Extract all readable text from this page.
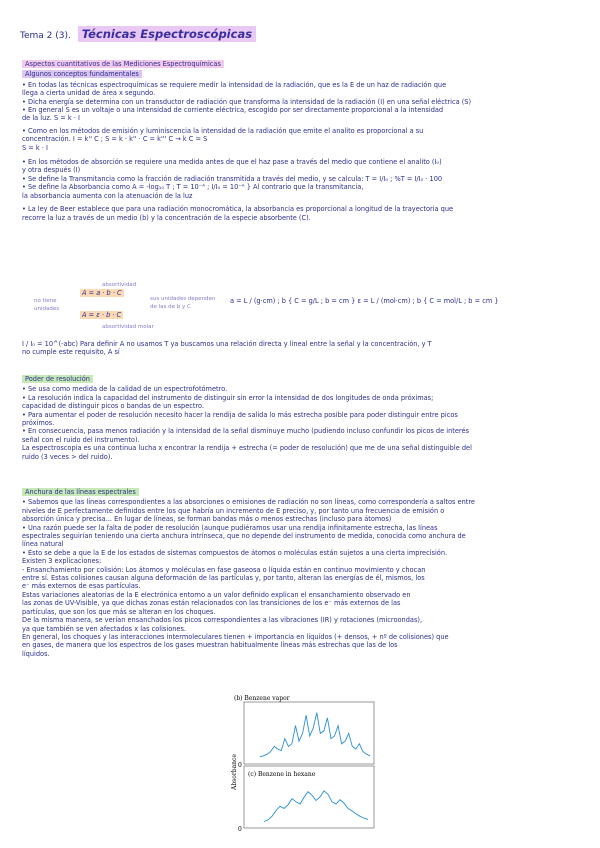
Tema 2 (3). Técnicas Espectroscópicas
Aspectos cuantitativos de las Mediciones Espectroquímicas
Algunos conceptos fundamentales
• En todas las técnicas espectroquímicas se requiere medir la intensidad de la radiación, que es la E de un haz de radiación que
llega a cierta unidad de área x segundo.
• Dicha energía se determina con un transductor de radiación que transforma la intensidad de la radiación (I) en una señal eléctrica (S)
• En general S es un voltaje o una intensidad de corriente eléctrica, escogido por ser directamente proporcional a la intensidad
de la luz. S = k · I
• Como en los métodos de emisión y luminiscencia la intensidad de la radiación que emite el analito es proporcional a su
concentración. I = k'' C ; S = k · k'' · C = k''' C → k C = S
S = k · I
• En los métodos de absorción se requiere una medida antes de que el haz pase a través del medio que contiene el analito (I₀)
y otra después (I)
• Se define la Transmitancia como la fracción de radiación transmitida a través del medio, y se calcula: T = I/I₀ ; %T = I/I₀ · 100
• Se define la Absorbancia como A = -log₁₀ T ; T = 10⁻ᴬ ; I/I₀ = 10⁻ᴬ } Al contrario que la transmitancia,
la absorbancia aumenta con la atenuación de la luz
• La ley de Beer establece que para una radiación monocromática, la absorbancia es proporcional a longitud de la trayectoria que
recorre la luz a través de un medio (b) y la concentración de la especie absorbente (C).
A = a · b · C
A = ε · b · C
absortividad
no tiene unidades
sus unidades dependen de las de b y C
absortividad molar
a = L / (g·cm) ; b { C = g/L ; b = cm } ε = L / (mol·cm) ; b { C = mol/L ; b = cm }
I / I₀ = 10^(-abc) Para definir A no usamos T ya buscamos una relación directa y lineal entre la señal y la concentración, y T
no cumple este requisito, A sí
Poder de resolución
• Se usa como medida de la calidad de un espectrofotómetro.
• La resolución indica la capacidad del instrumento de distinguir sin error la intensidad de dos longitudes de onda próximas;
capacidad de distinguir picos o bandas de un espectro.
• Para aumentar el poder de resolución necesito hacer la rendija de salida lo más estrecha posible para poder distinguir entre picos
próximos.
• En consecuencia, pasa menos radiación y la intensidad de la señal disminuye mucho (pudiendo incluso confundir los picos de interés
señal con el ruido del instrumento).
La espectroscopia es una continua lucha x encontrar la rendija + estrecha (= poder de resolución) que me de una señal distinguible del
ruido (3 veces > del ruido).
Anchura de las líneas espectrales
• Sabemos que las líneas correspondientes a las absorciones o emisiones de radiación no son líneas, como correspondería a saltos entre
niveles de E perfectamente definidos entre los que habría un incremento de E preciso, y, por tanto una frecuencia de emisión o
absorción única y precisa... En lugar de líneas, se forman bandas más o menos estrechas (incluso para átomos)
• Una razón puede ser la falta de poder de resolución (aunque pudiéramos usar una rendija infinitamente estrecha, las líneas
espectrales seguirían teniendo una cierta anchura intrínseca, que no depende del instrumento de medida, conocida como anchura de
línea natural
• Esto se debe a que la E de los estados de sistemas compuestos de átomos o moléculas están sujetos a una cierta imprecisión.
Existen 3 explicaciones:
- Ensanchamiento por colisión: Los átomos y moléculas en fase gaseosa o líquida están en continuo movimiento y chocan
entre sí. Estas colisiones causan alguna deformación de las partículas y, por tanto, alteran las energías de él, mismos, los
e⁻ más externos de esas partículas.
Estas variaciones aleatorias de la E electrónica entorno a un valor definido explican el ensanchamiento observado en
las zonas de UV-Visible, ya que dichas zonas están relacionados con las transiciones de los e⁻ más externos de las
partículas, que son los que más se alteran en los choques.
De la misma manera, se verían ensanchados los picos correspondientes a las vibraciones (IR) y rotaciones (microondas),
ya que también se ven afectados x las colisiones.
En general, los choques y las interacciones intermoleculares tienen + importancia en líquidos (+ densos, + nº de colisiones) que
en gases, de manera que los espectros de los gases muestran habitualmente líneas más estrechas que las de los
líquidos.
(b) Benzene vapor
0
(c) Benzene in hexane
0
Absorbance
